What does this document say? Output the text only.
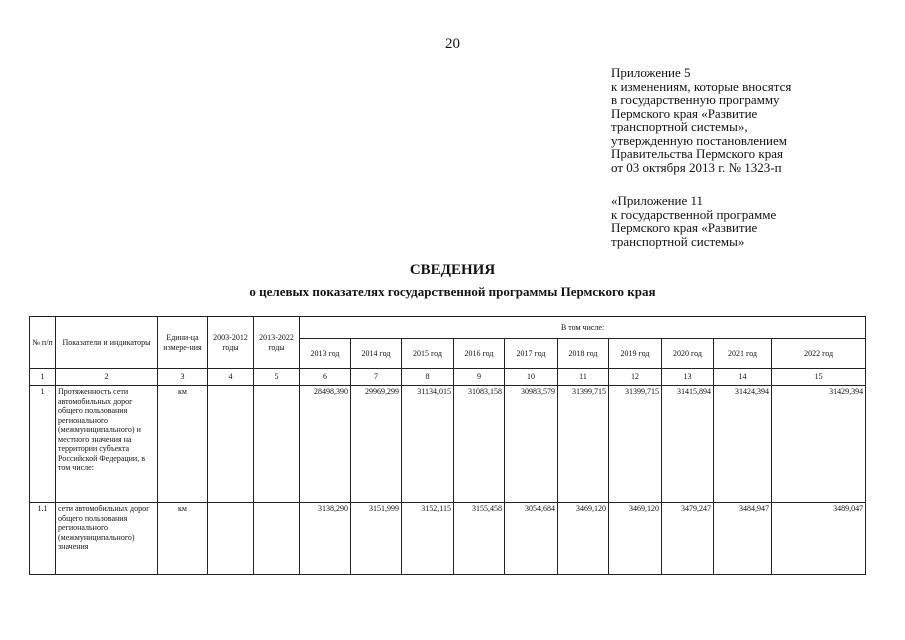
20
Приложение 5
к изменениям, которые вносятся
в государственную программу
Пермского края «Развитие
транспортной системы»,
утвержденную постановлением
Правительства Пермского края
от 03 октября 2013 г. № 1323-п
«Приложение 11
к государственной программе
Пермского края «Развитие
транспортной системы»
СВЕДЕНИЯ
о целевых показателях государственной программы Пермского края
№ п/п	Показатели и индикаторы	Едини-ца измере-ния	2003-2012 годы	2013-2022 годы	В том числе:									
					2013 год	2014 год	2015 год	2016 год	2017 год	2018 год	2019 год	2020 год	2021 год	2022 год
1	2	3	4	5	6	7	8	9	10	11	12	13	14	15
1	Протяженность сети автомобильных дорог общего пользования регионального (межмуниципального) и местного значения на территории субъекта Российской Федерации, в том числе:	км			28498,390	29969,299	31134,015	31083,158	30983,579	31399,715	31399,715	31415,894	31424,394	31429,394
1.1	сети автомобильных дорог общего пользования регионального (межмуниципального) значения	км			3138,290	3151,999	3152,115	3155,458	3054,684	3469,120	3469,120	3479,247	3484,947	3489,047
